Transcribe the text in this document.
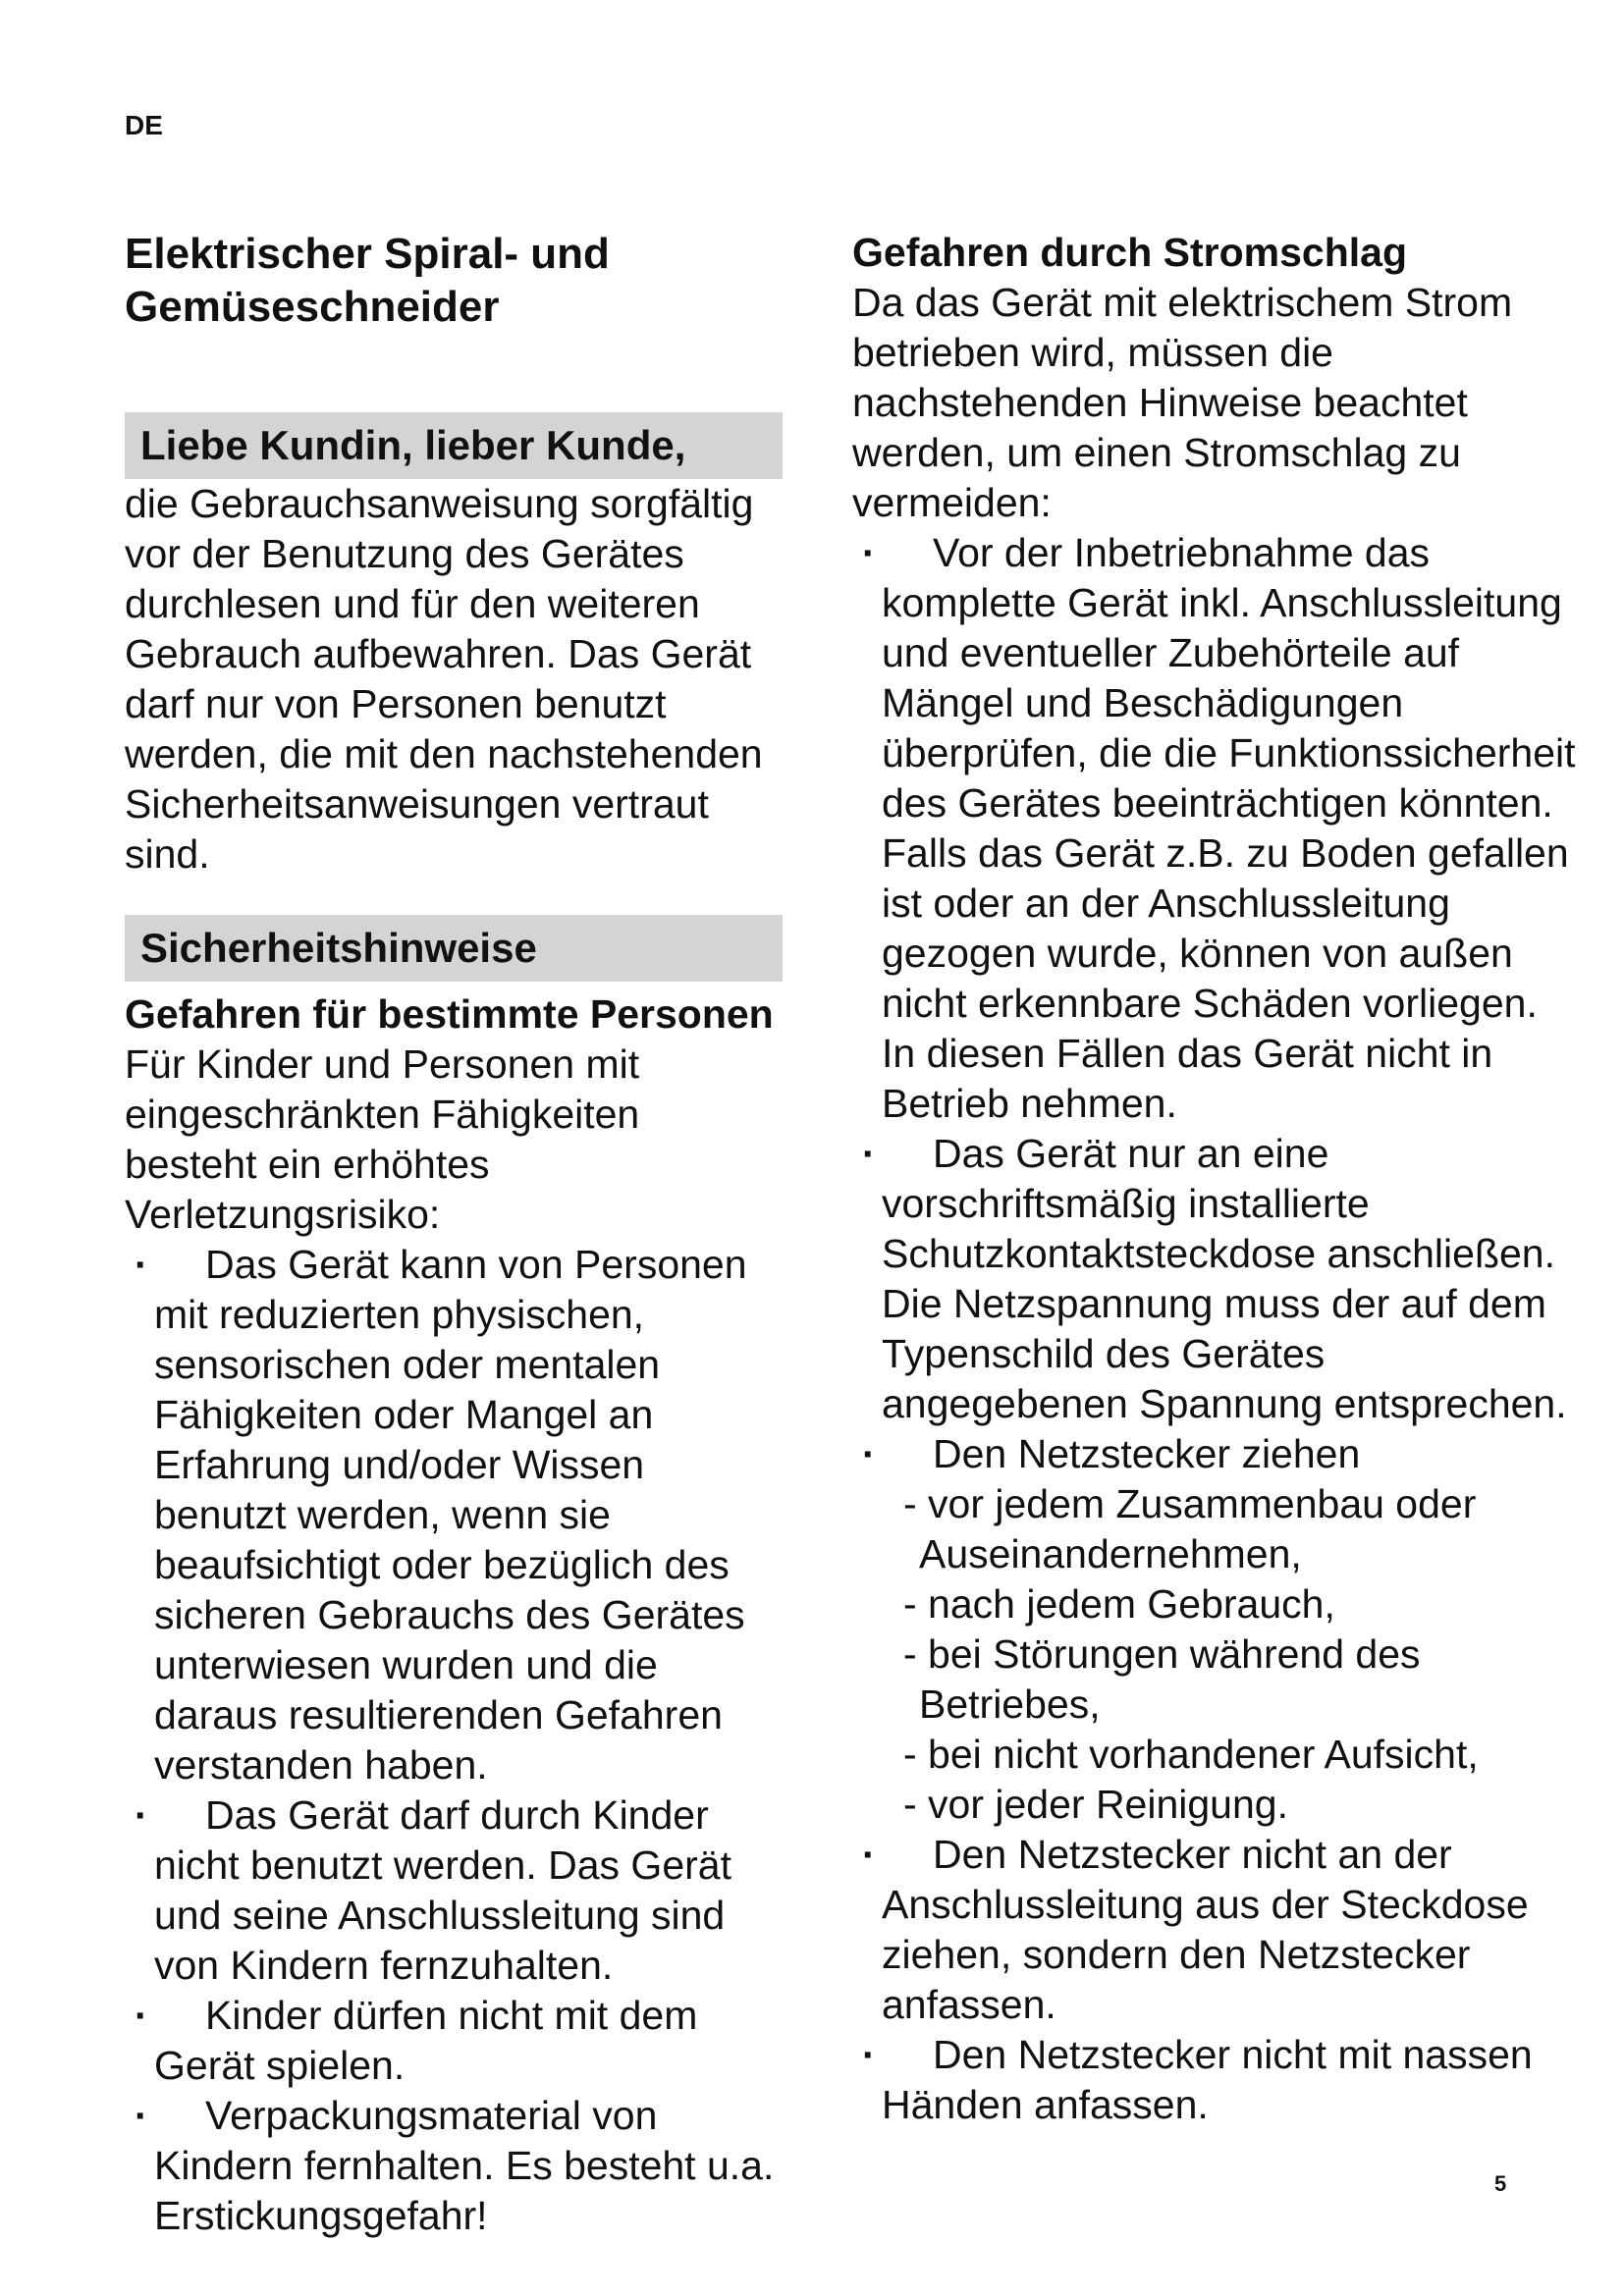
DE
Elektrischer Spiral- und Gemüseschneider
Liebe Kundin, lieber Kunde,

die Gebrauchsanweisung sorgfältig vor der Benutzung des Gerätes durchlesen und für den weiteren Gebrauch aufbewahren. Das Gerät darf nur von Personen benutzt werden, die mit den nachstehenden Sicherheitsanweisungen vertraut sind.

Sicherheitshinweise
Gefahren für bestimmte Personen

Für Kinder und Personen mit eingeschränkten Fähigkeiten besteht ein erhöhtes Verletzungsrisiko:

· Das Gerät kann von Personen mit reduzierten physischen, sensorischen oder mentalen Fähigkeiten oder Mangel an Erfahrung und/oder Wissen benutzt werden, wenn sie beaufsichtigt oder bezüglich des sicheren Gebrauchs des Gerätes unterwiesen wurden und die daraus resultierenden Gefahren verstanden haben.
· Das Gerät darf durch Kinder nicht benutzt werden. Das Gerät und seine Anschlussleitung sind von Kindern fernzuhalten.
· Kinder dürfen nicht mit dem Gerät spielen.
· Verpackungsmaterial von Kindern fernhalten. Es besteht u.a. Erstickungsgefahr!
Gefahren durch Stromschlag

Da das Gerät mit elektrischem Strom betrieben wird, müssen die nachstehenden Hinweise beachtet werden, um einen Stromschlag zu vermeiden:

· Vor der Inbetriebnahme das komplette Gerät inkl. Anschlussleitung und eventueller Zubehörteile auf Mängel und Beschädigungen überprüfen, die die Funktionssicherheit des Gerätes beeinträchtigen könnten. Falls das Gerät z.B. zu Boden gefallen ist oder an der Anschlussleitung gezogen wurde, können von außen nicht erkennbare Schäden vorliegen. In diesen Fällen das Gerät nicht in Betrieb nehmen.
· Das Gerät nur an eine vorschriftsmäßig installierte Schutzkontaktsteckdose anschließen. Die Netzspannung muss der auf dem Typenschild des Gerätes angegebenen Spannung entsprechen.
· Den Netzstecker ziehen
- vor jedem Zusammenbau oder Auseinandernehmen,
- nach jedem Gebrauch,
- bei Störungen während des Betriebes,
- bei nicht vorhandener Aufsicht,
- vor jeder Reinigung.
· Den Netzstecker nicht an der Anschlussleitung aus der Steckdose ziehen, sondern den Netzstecker anfassen.
· Den Netzstecker nicht mit nassen Händen anfassen.
5
